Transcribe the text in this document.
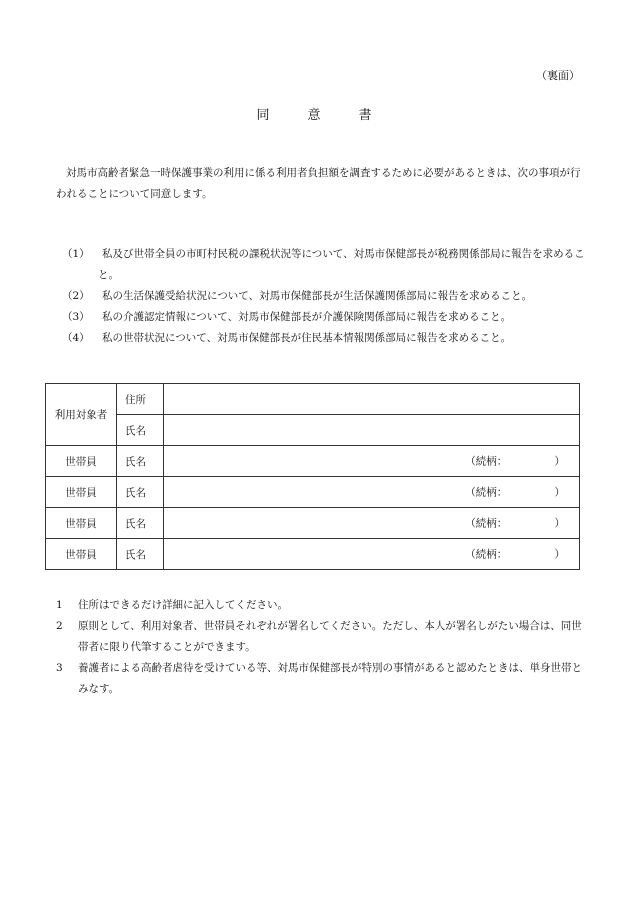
（裏面）
同	意	書
対馬市高齢者緊急一時保護事業の利用に係る利用者負担額を調査するために必要があるときは、次の事項が行われることについて同意します。
（1）	私及び世帯全員の市町村民税の課税状況等について、対馬市保健部長が税務関係部局に報告を求めること。
（2）	私の生活保護受給状況について、対馬市保健部長が生活保護関係部局に報告を求めること。
（3）	私の介護認定情報について、対馬市保健部長が介護保険関係部局に報告を求めること。
（4）	私の世帯状況について、対馬市保健部長が住民基本情報関係部局に報告を求めること。
利用対象者	住所	
	氏名	
世帯員	氏名	（続柄：　　　　　）

世帯員	氏名	（続柄：　　　　　）

世帯員	氏名	（続柄：　　　　　）

世帯員	氏名	（続柄：　　　　　）
1 住所はできるだけ詳細に記入してください。
2 原則として、利用対象者、世帯員それぞれが署名してください。ただし、本人が署名しがたい場合は、同世帯者に限り代筆することができます。
3 養護者による高齢者虐待を受けている等、対馬市保健部長が特別の事情があると認めたときは、単身世帯とみなす。
